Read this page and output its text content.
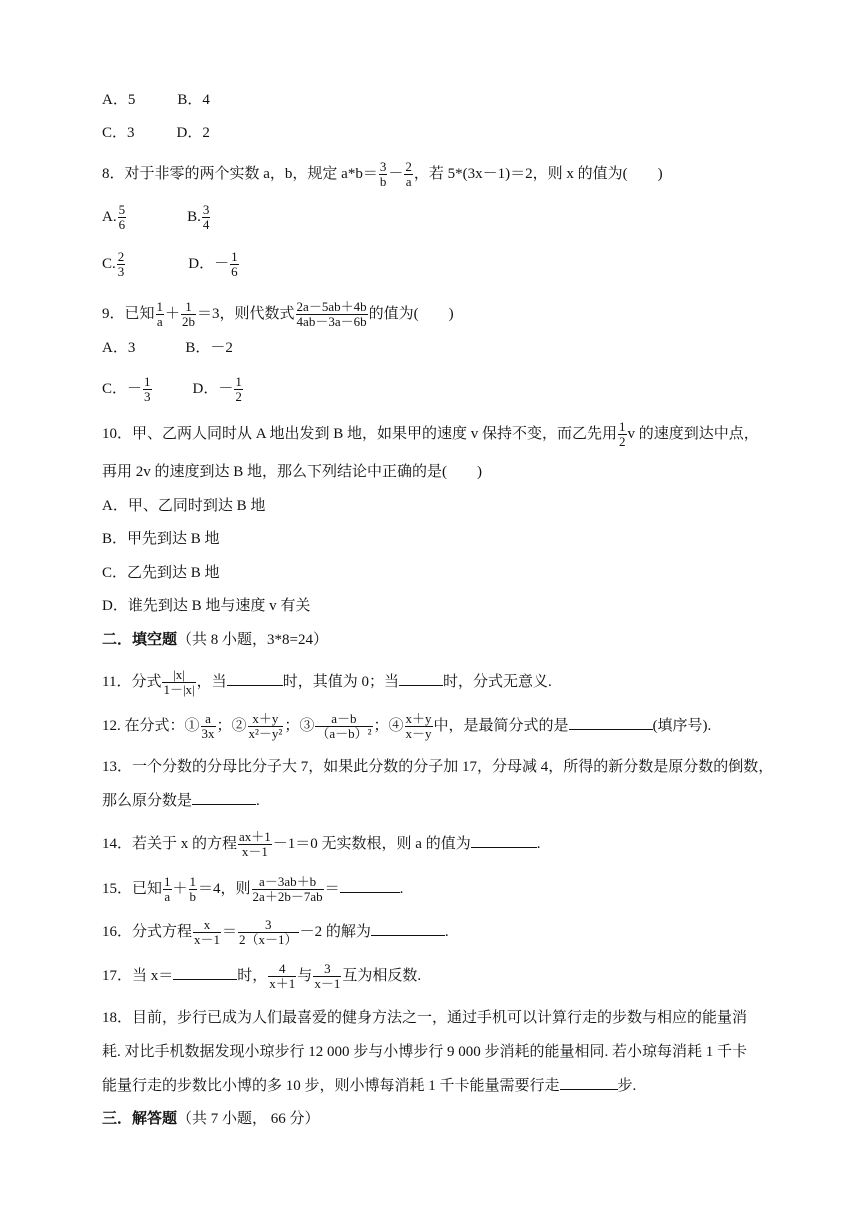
A．5	B．4
C．3	D．2
8．对于非零的两个实数 a，b，规定 $a*b= \frac{3}{b} - \frac{2}{a}$ ，若 5*(3x－1)＝2，则 x 的值为(　　)
A. $\frac{5}{6}$	B. $\frac{3}{4}$
C. $\frac{2}{3}$	D．－ $\frac{1}{6}$
9．已知 $\frac{1}{a} + \frac{1}{2b} =3$，则代数式 $\frac{2a-5ab+4b}{4ab-3a-6b}$ 的值为(　　)
A．3	B．－2
C．－ $\frac{1}{3}$	D．－ $\frac{1}{2}$
10．甲、乙两人同时从 A 地出发到 B 地，如果甲的速度 v 保持不变，而乙先用 $\frac{1}{2}$ v 的速度到达中点，
再用 2v 的速度到达 B 地，那么下列结论中正确的是(　　)
A．甲、乙同时到达 B 地
B．甲先到达 B 地
C．乙先到达 B 地
D．谁先到达 B 地与速度 v 有关
二．填空题（共 8 小题，3*8=24）
11．分式 $\frac{|x|}{1-|x|}$ ，当	时，其值为 0；当	时，分式无意义.
12. 在分式：① $\frac{a}{3x}$ ；② $\frac{x+y}{\text{x²－y²}}$ ；③ $\frac{a-b}{\text{（a－b）²}}$ ；④ $\frac{x+y}{x-y}$ 中，是最简分式的是	(填序号).
13．一个分数的分母比分子大 7，如果此分数的分子加 17，分母减 4，所得的新分数是原分数的倒数，
那么原分数是	.
14．若关于 x 的方程 $\frac{ax+1}{x-1} -1=0$ 无实数根，则 a 的值为	.
15．已知 $\frac{1}{a} + \frac{1}{b} =4$，则 $\frac{a-3ab+b}{2a+2b-7ab}$ ＝	.
16．分式方程 $\frac{x}{x-1} = \frac{3}{2(x-1)} -2$ 的解为	.
17．当 x＝	时， $\frac{4}{x+1}$ 与 $\frac{3}{x-1}$ 互为相反数.
18．目前，步行已成为人们最喜爱的健身方法之一，通过手机可以计算行走的步数与相应的能量消
耗. 对比手机数据发现小琼步行 12 000 步与小博步行 9 000 步消耗的能量相同. 若小琼每消耗 1 千卡
能量行走的步数比小博的多 10 步，则小博每消耗 1 千卡能量需要行走	步.
三．解答题（共 7 小题， 66 分）
